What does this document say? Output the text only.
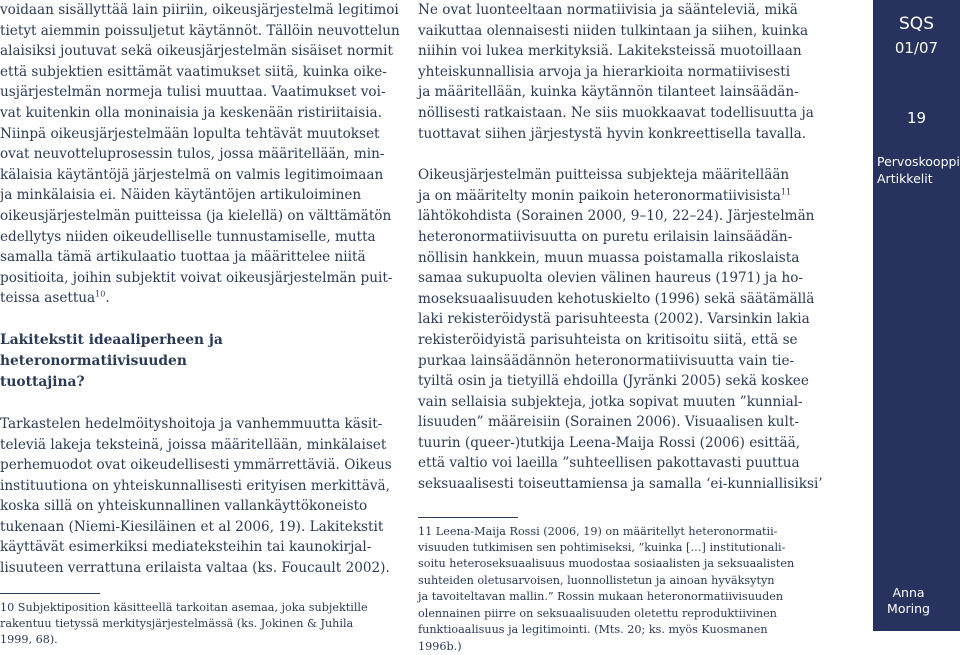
voidaan sisällyttää lain piiriin, oikeusjärjestelmä legitimoi

tietyt aiemmin poissuljetut käytännöt. Tällöin neuvottelun

alaisiksi joutuvat sekä oikeusjärjestelmän sisäiset normit

että subjektien esittämät vaatimukset siitä, kuinka oike-

usjärjestelmän normeja tulisi muuttaa. Vaatimukset voi-

vat kuitenkin olla moninaisia ja keskenään ristiriitaisia.

Niinpä oikeusjärjestelmään lopulta tehtävät muutokset

ovat neuvotteluprosessin tulos, jossa määritellään, min-

kälaisia käytäntöjä järjestelmä on valmis legitimoimaan

ja minkälaisia ei. Näiden käytäntöjen artikuloiminen

oikeusjärjestelmän puitteissa (ja kielellä) on välttämätön

edellytys niiden oikeudelliselle tunnustamiselle, mutta

samalla tämä artikulaatio tuottaa ja määrittelee niitä

positioita, joihin subjektit voivat oikeusjärjestelmän puit-

teissa asettua$^{10}$.

Lakitekstit ideaaliperheen ja heteronormatiivisuuden

tuottajina?

Tarkastelen hedelmöityshoitoja ja vanhemmuutta käsit-

televiä lakeja teksteinä, joissa määritellään, minkälaiset

perhemuodot ovat oikeudellisesti ymmärrettäviä. Oikeus

instituutiona on yhteiskunnallisesti erityisen merkittävä,

koska sillä on yhteiskunnallinen vallankäyttökoneisto

tukenaan (Niemi-Kiesiläinen et al 2006, 19). Lakitekstit

käyttävät esimerkiksi mediateksteihin tai kaunokirjal-

lisuuteen verrattuna erilaista valtaa (ks. Foucault 2002).

10 Subjektiposition käsitteellä tarkoitan asemaa, joka subjektille

rakentuu tietyssä merkitysjärjestelmässä (ks. Jokinen & Juhila

1999, 68).

Ne ovat luonteeltaan normatiivisia ja säänteleviä, mikä

vaikuttaa olennaisesti niiden tulkintaan ja siihen, kuinka

niihin voi lukea merkityksiä. Lakiteksteissä muotoillaan

yhteiskunnallisia arvoja ja hierarkioita normatiivisesti

ja määritellään, kuinka käytännön tilanteet lainsäädän-

nöllisesti ratkaistaan. Ne siis muokkaavat todellisuutta ja

tuottavat siihen järjestystä hyvin konkreettisella tavalla.

Oikeusjärjestelmän puitteissa subjekteja määritellään

ja on määritelty monin paikoin heteronormatiivisista$^{11}$

lähtökohdista (Sorainen 2000, 9–10, 22–24). Järjestelmän

heteronormatiivisuutta on puretu erilaisin lainsäädän-

nöllisin hankkein, muun muassa poistamalla rikoslaista

samaa sukupuolta olevien välinen haureus (1971) ja ho-

moseksuaalisuuden kehotuskielto (1996) sekä säätämällä

laki rekisteröidystä parisuhteesta (2002). Varsinkin lakia

rekisteröidyistä parisuhteista on kritisoitu siitä, että se

purkaa lainsäädännön heteronormatiivisuutta vain tie-

tyiltä osin ja tietyillä ehdoilla (Jyränki 2005) sekä koskee

vain sellaisia subjekteja, jotka sopivat muuten ”kunnial-

lisuuden” määreisiin (Sorainen 2006). Visuaalisen kult-

tuurin (queer-)tutkija Leena-Maija Rossi (2006) esittää,

että valtio voi laeilla ”suhteellisen pakottavasti puuttua

seksuaalisesti toiseuttamiensa ja samalla ‘ei-kunniallisiksi’

11 Leena-Maija Rossi (2006, 19) on määritellyt heteronormatii-

visuuden tutkimisen sen pohtimiseksi, ”kuinka […] institutionali-

soitu heteroseksuaalisuus muodostaa sosiaalisten ja seksuaalisten

suhteiden oletusarvoisen, luonnollistetun ja ainoan hyväksytyn

ja tavoiteltavan mallin.” Rossin mukaan heteronormatiivisuuden

olennainen piirre on seksuaalisuuden oletettu reproduktiivinen

funktioaalisuus ja legitimointi. (Mts. 20; ks. myös Kuosmanen

1996b.)

SQS

01/07

19

Pervoskooppi
Artikkelit
Anna
Moring
